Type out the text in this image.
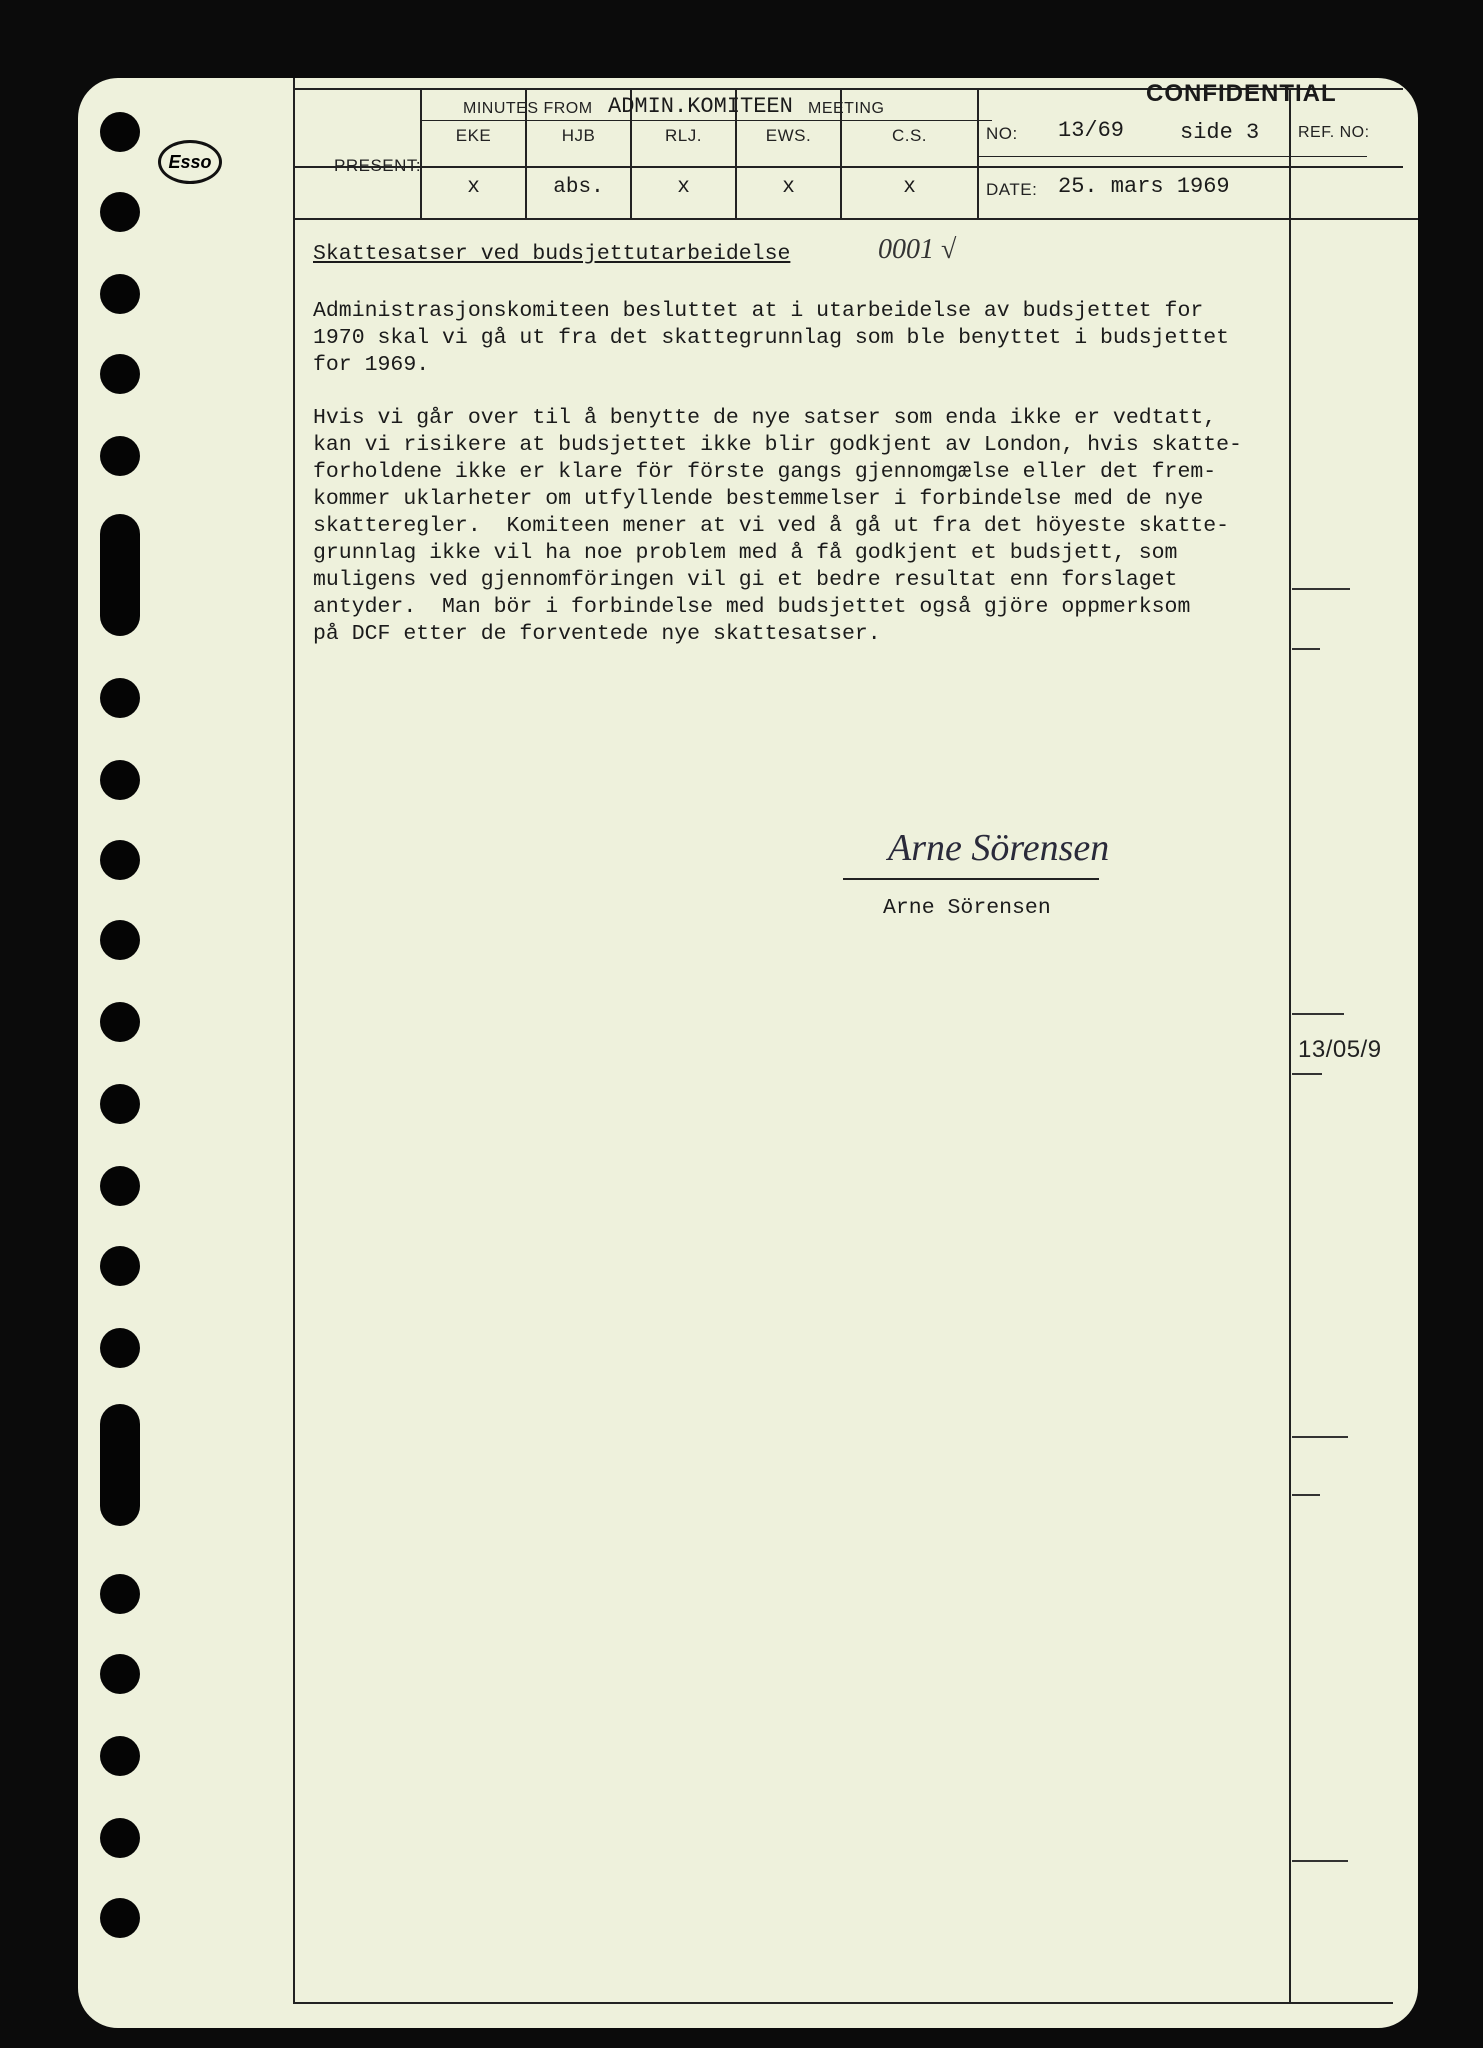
Esso
MINUTES FROM ADMIN.KOMITEEN MEETING
CONFIDENTIAL
PRESENT:
EKE	HJB	RLJ.	EWS.	C.S.
x	abs.	x	x	x
NO: 13/69	side 3
DATE: 25. mars 1969
REF. NO:
Skattesatser ved budsjettutarbeidelse	0001 √

Administrasjonskomiteen besluttet at i utarbeidelse av budsjettet for
1970 skal vi gå ut fra det skattegrunnlag som ble benyttet i budsjettet
for 1969.

Hvis vi går over til å benytte de nye satser som enda ikke er vedtatt,
kan vi risikere at budsjettet ikke blir godkjent av London, hvis skatte-
forholdene ikke er klare för förste gangs gjennomgælse eller det frem-
kommer uklarheter om utfyllende bestemmelser i forbindelse med de nye
skatteregler.  Komiteen mener at vi ved å gå ut fra det höyeste skatte-
grunnlag ikke vil ha noe problem med å få godkjent et budsjett, som
muligens ved gjennomföringen vil gi et bedre resultat enn forslaget
antyder.  Man bör i forbindelse med budsjettet også gjöre oppmerksom
på DCF etter de forventede nye skattesatser.

Arne Sörensen
Arne Sörensen
13/05/9
